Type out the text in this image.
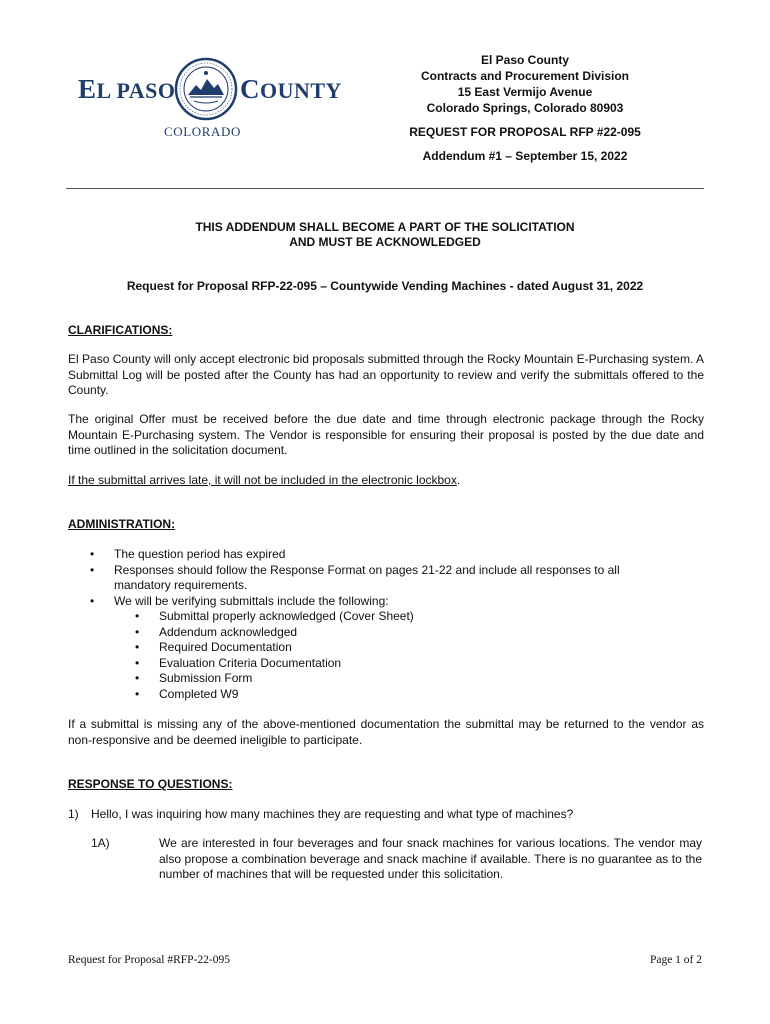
EL PASO COUNTY
COLORADO
El Paso County
Contracts and Procurement Division
15 East Vermijo Avenue
Colorado Springs, Colorado 80903
REQUEST FOR PROPOSAL RFP #22-095
Addendum #1 – September 15, 2022
THIS ADDENDUM SHALL BECOME A PART OF THE SOLICITATION
AND MUST BE ACKNOWLEDGED
Request for Proposal RFP-22-095 – Countywide Vending Machines - dated August 31, 2022
CLARIFICATIONS:
El Paso County will only accept electronic bid proposals submitted through the Rocky Mountain E-Purchasing system. A Submittal Log will be posted after the County has had an opportunity to review and verify the submittals offered to the County.
The original Offer must be received before the due date and time through electronic package through the Rocky Mountain E-Purchasing system. The Vendor is responsible for ensuring their proposal is posted by the due date and time outlined in the solicitation document.
If the submittal arrives late, it will not be included in the electronic lockbox.
ADMINISTRATION:
• The question period has expired
• Responses should follow the Response Format on pages 21-22 and include all responses to all mandatory requirements.
• We will be verifying submittals include the following:
• Submittal properly acknowledged (Cover Sheet)
• Addendum acknowledged
• Required Documentation
• Evaluation Criteria Documentation
• Submission Form
• Completed W9
If a submittal is missing any of the above-mentioned documentation the submittal may be returned to the vendor as non-responsive and be deemed ineligible to participate.
RESPONSE TO QUESTIONS:
1) Hello, I was inquiring how many machines they are requesting and what type of machines?
1A)	We are interested in four beverages and four snack machines for various locations. The vendor may also propose a combination beverage and snack machine if available. There is no guarantee as to the number of machines that will be requested under this solicitation.
Request for Proposal #RFP-22-095	Page 1 of 2
